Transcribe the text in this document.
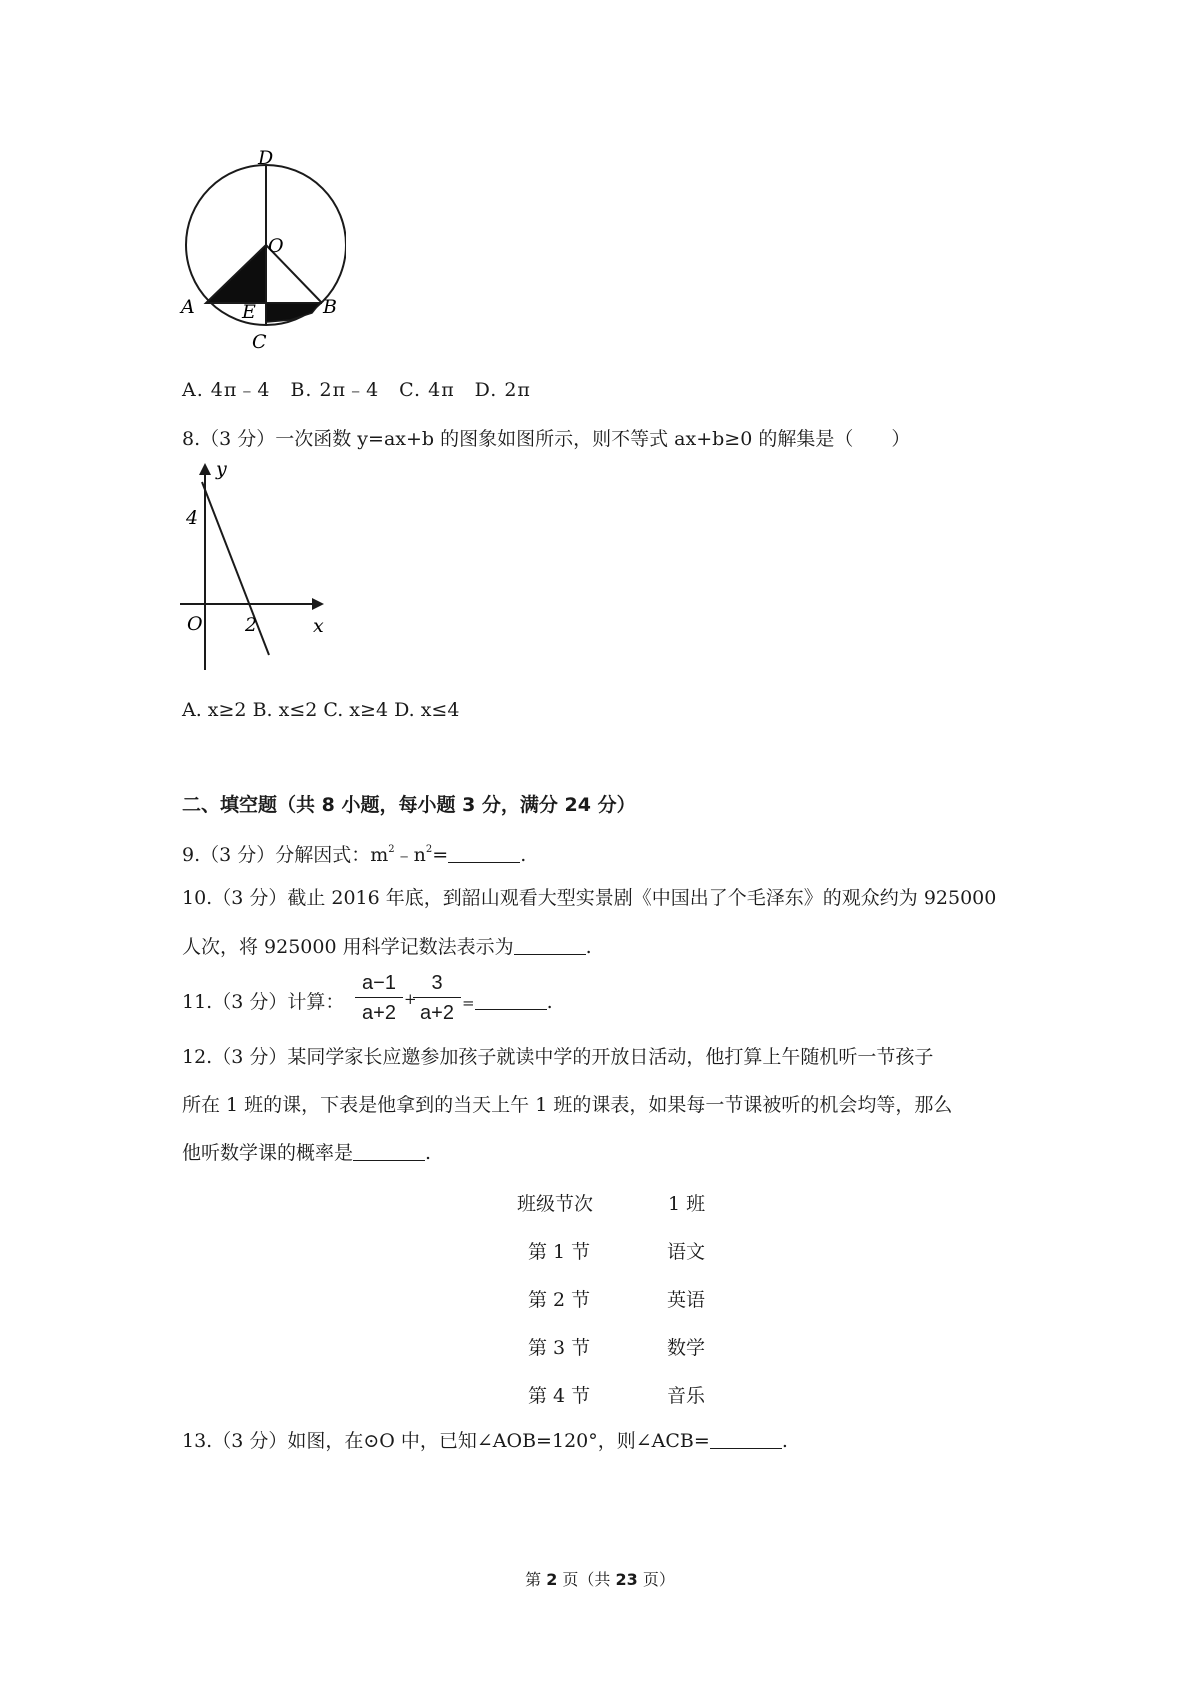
D
O
A	B
E
C
A. 4π﹣4 B. 2π﹣4 C. 4π D. 2π
8.（3 分）一次函数 y=ax+b 的图象如图所示，则不等式 ax+b≥0 的解集是（　　）
y
4
O 2	x
A. x≥2 B. x≤2 C. x≥4 D. x≤4
二、填空题（共 8 小题，每小题 3 分，满分 24 分）
9.（3 分）分解因式：$m^2﹣n^2=$	.
10.（3 分）截止 2016 年底，到韶山观看大型实景剧《中国出了个毛泽东》的观众约为 925000
人次，将 925000 用科学记数法表示为	.
11.（3 分）计算：
a−1
a+2
+
3
a+2 =	.
12.（3 分）某同学家长应邀参加孩子就读中学的开放日活动，他打算上午随机听一节孩子
所在 1 班的课，下表是他拿到的当天上午 1 班的课表，如果每一节课被听的机会均等，那么
他听数学课的概率是	.
班级节次	1 班
第 1 节	语文
第 2 节	英语
第 3 节	数学
第 4 节	音乐
13.（3 分）如图，在⊙O 中，已知∠AOB=120°，则∠ACB=	.
第 2 页（共 23 页）
